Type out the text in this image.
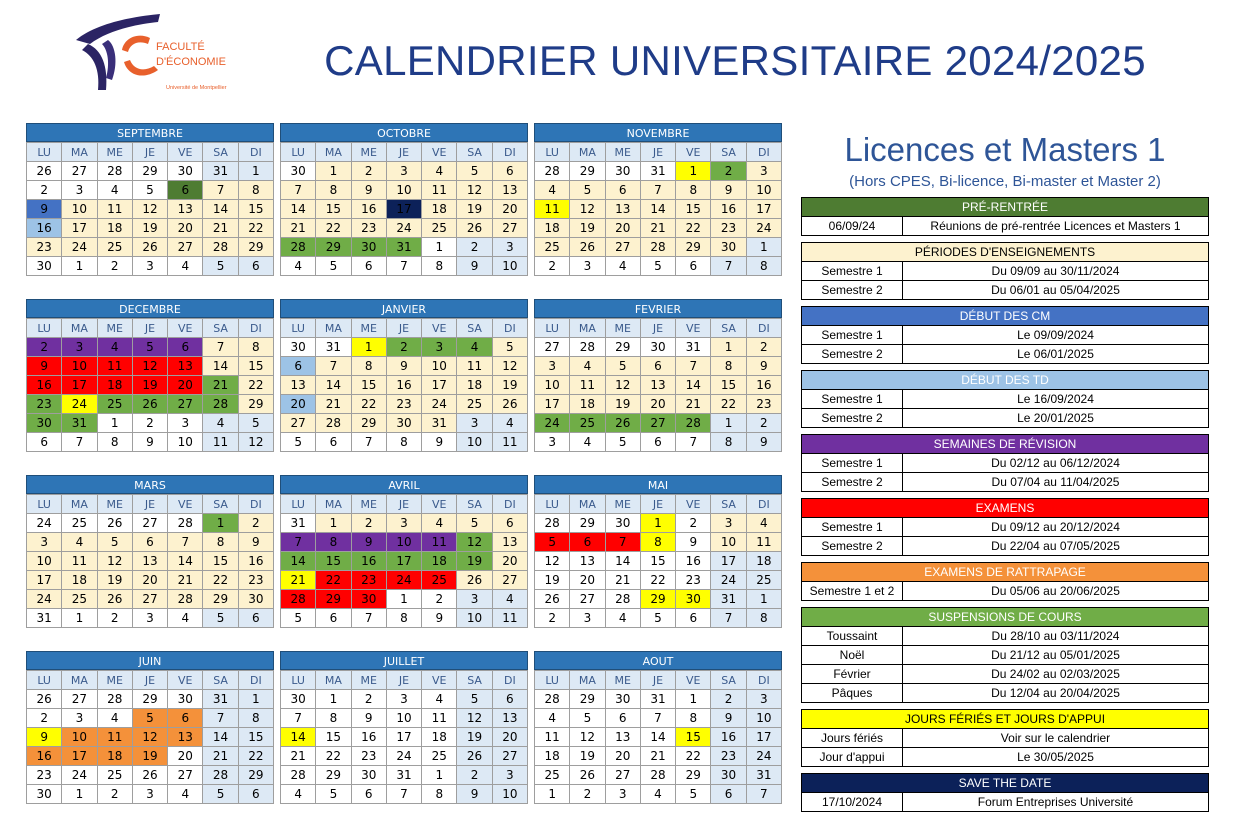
FACULTÉ
D'ÉCONOMIE
Université de Montpellier
CALENDRIER UNIVERSITAIRE 2024/2025
SEPTEMBRE
LU	MA	ME	JE	VE	SA	DI
26	27	28	29	30	31	1
2	3	4	5	6	7	8
9	10	11	12	13	14	15
16	17	18	19	20	21	22
23	24	25	26	27	28	29
30	1	2	3	4	5	6
OCTOBRE
LU	MA	ME	JE	VE	SA	DI
30	1	2	3	4	5	6
7	8	9	10	11	12	13
14	15	16	17	18	19	20
21	22	23	24	25	26	27
28	29	30	31	1	2	3
4	5	6	7	8	9	10
NOVEMBRE
LU	MA	ME	JE	VE	SA	DI
28	29	30	31	1	2	3
4	5	6	7	8	9	10
11	12	13	14	15	16	17
18	19	20	21	22	23	24
25	26	27	28	29	30	1
2	3	4	5	6	7	8
DECEMBRE
LU	MA	ME	JE	VE	SA	DI
2	3	4	5	6	7	8
9	10	11	12	13	14	15
16	17	18	19	20	21	22
23	24	25	26	27	28	29
30	31	1	2	3	4	5
6	7	8	9	10	11	12
JANVIER
LU	MA	ME	JE	VE	SA	DI
30	31	1	2	3	4	5
6	7	8	9	10	11	12
13	14	15	16	17	18	19
20	21	22	23	24	25	26
27	28	29	30	31	3	4
5	6	7	8	9	10	11
FEVRIER
LU	MA	ME	JE	VE	SA	DI
27	28	29	30	31	1	2
3	4	5	6	7	8	9
10	11	12	13	14	15	16
17	18	19	20	21	22	23
24	25	26	27	28	1	2
3	4	5	6	7	8	9
MARS
LU	MA	ME	JE	VE	SA	DI
24	25	26	27	28	1	2
3	4	5	6	7	8	9
10	11	12	13	14	15	16
17	18	19	20	21	22	23
24	25	26	27	28	29	30
31	1	2	3	4	5	6
AVRIL
LU	MA	ME	JE	VE	SA	DI
31	1	2	3	4	5	6
7	8	9	10	11	12	13
14	15	16	17	18	19	20
21	22	23	24	25	26	27
28	29	30	1	2	3	4
5	6	7	8	9	10	11
MAI
LU	MA	ME	JE	VE	SA	DI
28	29	30	1	2	3	4
5	6	7	8	9	10	11
12	13	14	15	16	17	18
19	20	21	22	23	24	25
26	27	28	29	30	31	1
2	3	4	5	6	7	8
JUIN
LU	MA	ME	JE	VE	SA	DI
26	27	28	29	30	31	1
2	3	4	5	6	7	8
9	10	11	12	13	14	15
16	17	18	19	20	21	22
23	24	25	26	27	28	29
30	1	2	3	4	5	6
JUILLET
LU	MA	ME	JE	VE	SA	DI
30	1	2	3	4	5	6
7	8	9	10	11	12	13
14	15	16	17	18	19	20
21	22	23	24	25	26	27
28	29	30	31	1	2	3
4	5	6	7	8	9	10
AOUT
LU	MA	ME	JE	VE	SA	DI
28	29	30	31	1	2	3
4	5	6	7	8	9	10
11	12	13	14	15	16	17
18	19	20	21	22	23	24
25	26	27	28	29	30	31
1	2	3	4	5	6	7
Licences et Masters 1
(Hors CPES, Bi-licence, Bi-master et Master 2)
PRÉ-RENTRÉE
06/09/24	Réunions de pré-rentrée Licences et Masters 1
PÉRIODES D'ENSEIGNEMENTS
Semestre 1	Du 09/09 au 30/11/2024
Semestre 2	Du 06/01 au 05/04/2025
DÉBUT DES CM
Semestre 1	Le 09/09/2024
Semestre 2	Le 06/01/2025
DÉBUT DES TD
Semestre 1	Le 16/09/2024
Semestre 2	Le 20/01/2025
SEMAINES DE RÉVISION
Semestre 1	Du 02/12 au 06/12/2024
Semestre 2	Du 07/04 au 11/04/2025
EXAMENS
Semestre 1	Du 09/12 au 20/12/2024
Semestre 2	Du 22/04 au 07/05/2025
EXAMENS DE RATTRAPAGE
Semestre 1 et 2	Du 05/06 au 20/06/2025
SUSPENSIONS DE COURS
Toussaint	Du 28/10 au 03/11/2024
Noël	Du 21/12 au 05/01/2025
Février	Du 24/02 au 02/03/2025
Pâques	Du 12/04 au 20/04/2025
JOURS FÉRIÉS ET JOURS D'APPUI
Jours fériés	Voir sur le calendrier
Jour d'appui	Le 30/05/2025
SAVE THE DATE
17/10/2024	Forum Entreprises Université
